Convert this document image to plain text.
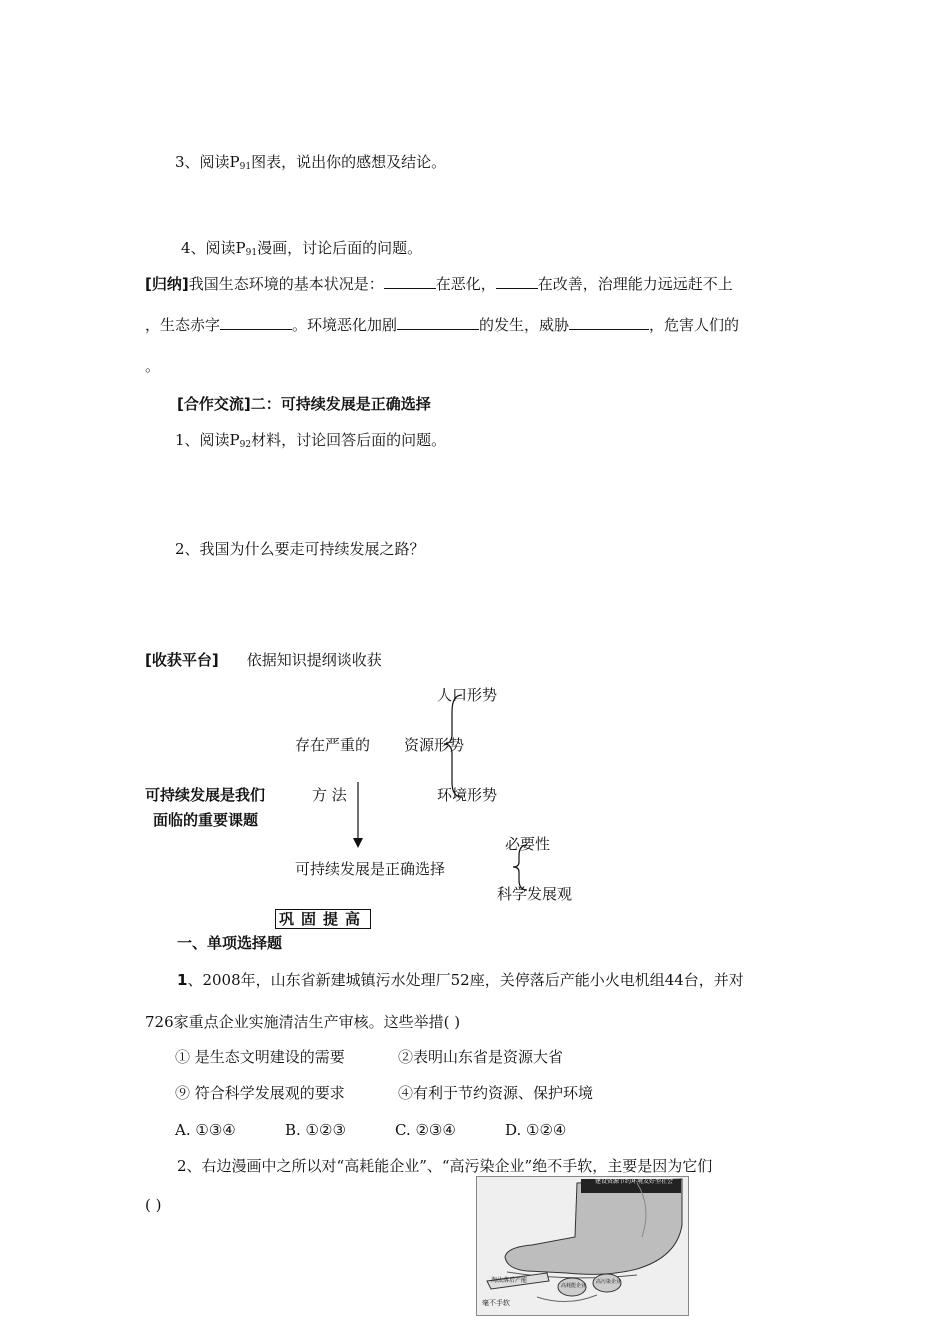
3、阅读$P_{91}$图表，说出你的感想及结论。
4、阅读$P_{91}$漫画，讨论后面的问题。
[归纳]我国生态环境的基本状况是：	在恶化，	在改善，治理能力远远赶不上
，生态赤字	。环境恶化加剧	的发生，威胁	，危害人们的
。
[合作交流]二：可持续发展是正确选择
1、阅读$P_{92}$材料，讨论回答后面的问题。
2、我国为什么要走可持续发展之路？
[收获平台] 依据知识提纲谈收获
人口形势
存在严重的 资源形势
可持续发展是我们	方 法	环境形势
面临的重要课题
必要性
可持续发展是正确选择
科学发展观
巩固提高
一、单项选择题
1、2008年，山东省新建城镇污水处理厂52座，关停落后产能小火电机组44台，并对
726家重点企业实施清洁生产审核。这些举措( )
① 是生态文明建设的需要	②表明山东省是资源大省
⑨ 符合科学发展观的要求	④有利于节约资源、保护环境
A. ①③④	B. ①②③	C. ②③④	D. ①②④
2、右边漫画中之所以对“高耗能企业”、“高污染企业”绝不手软，主要是因为它们
( )
建设资源节约环境友好型社会
淘汰落后产能
高耗能企业
高污染企业
毫不手软
